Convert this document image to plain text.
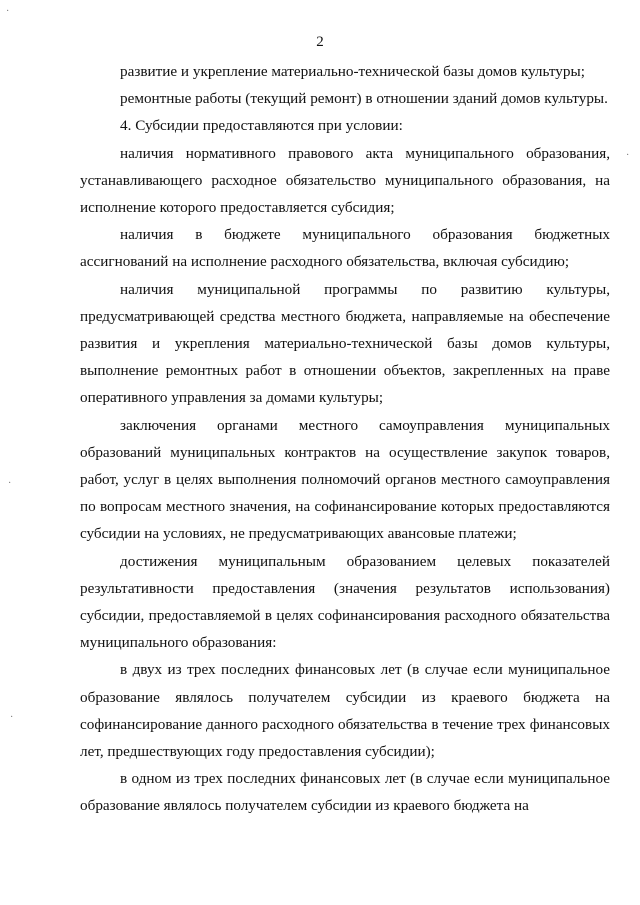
2
·
·
·
·

развитие и укрепление материально-технической базы домов культуры;

ремонтные работы (текущий ремонт) в отношении зданий домов культуры.

4. Субсидии предоставляются при условии:

наличия нормативного правового акта муниципального образования, устанавливающего расходное обязательство муниципального образования, на исполнение которого предоставляется субсидия;

наличия в бюджете муниципального образования бюджетных ассигнований на исполнение расходного обязательства, включая субсидию;

наличия муниципальной программы по развитию культуры, предусматривающей средства местного бюджета, направляемые на обеспечение развития и укрепления материально-технической базы домов культуры, выполнение ремонтных работ в отношении объектов, закрепленных на праве оперативного управления за домами культуры;

заключения органами местного самоуправления муниципальных образований муниципальных контрактов на осуществление закупок товаров, работ, услуг в целях выполнения полномочий органов местного самоуправления по вопросам местного значения, на софинансирование которых предоставляются субсидии на условиях, не предусматривающих авансовые платежи;

достижения муниципальным образованием целевых показателей результативности предоставления (значения результатов использования) субсидии, предоставляемой в целях софинансирования расходного обязательства муниципального образования:

в двух из трех последних финансовых лет (в случае если муниципальное образование являлось получателем субсидии из краевого бюджета на софинансирование данного расходного обязательства в течение трех финансовых лет, предшествующих году предоставления субсидии);

в одном из трех последних финансовых лет (в случае если муниципальное образование являлось получателем субсидии из краевого бюджета на
